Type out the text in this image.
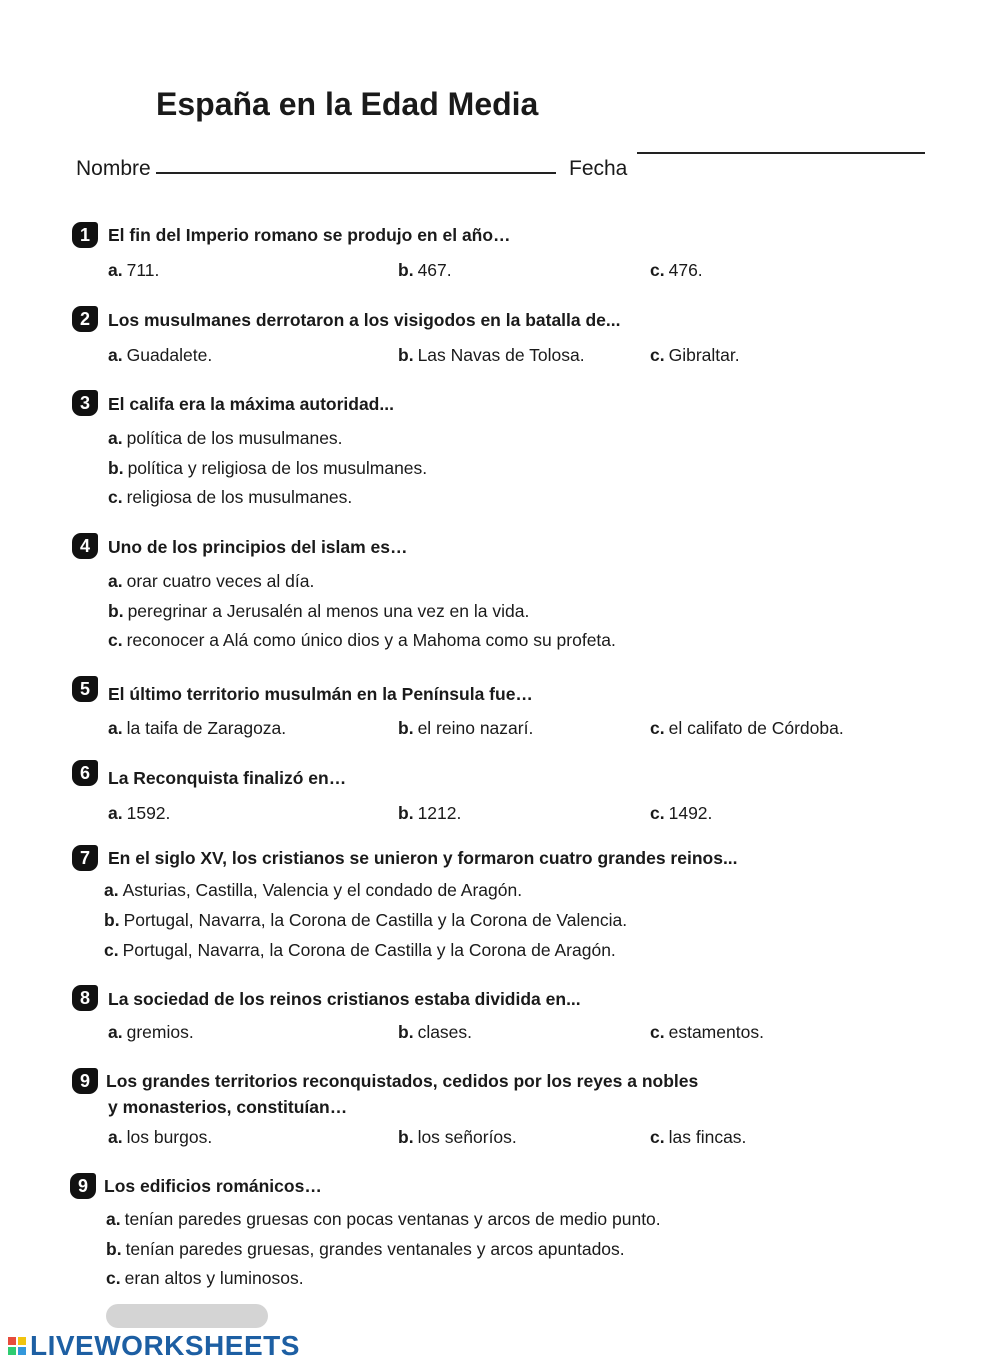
España en la Edad Media
Nombre	Fecha
1	El fin del Imperio romano se produjo en el año…
a. 711.	b. 467.	c. 476.
2	Los musulmanes derrotaron a los visigodos en la batalla de...
a. Guadalete.	b. Las Navas de Tolosa.	c. Gibraltar.
3	El califa era la máxima autoridad...
a. política de los musulmanes.
b. política y religiosa de los musulmanes.
c. religiosa de los musulmanes.
4	Uno de los principios del islam es…
a. orar cuatro veces al día.
b. peregrinar a Jerusalén al menos una vez en la vida.
c. reconocer a Alá como único dios y a Mahoma como su profeta.
5	El último territorio musulmán en la Península fue…
a. la taifa de Zaragoza.	b. el reino nazarí.	c. el califato de Córdoba.
6	La Reconquista finalizó en…
a. 1592.	b. 1212.	c. 1492.
7	En el siglo XV, los cristianos se unieron y formaron cuatro grandes reinos...
a. Asturias, Castilla, Valencia y el condado de Aragón.
b. Portugal, Navarra, la Corona de Castilla y la Corona de Valencia.
c. Portugal, Navarra, la Corona de Castilla y la Corona de Aragón.
8	La sociedad de los reinos cristianos estaba dividida en...
a. gremios.	b. clases.	c. estamentos.
9 Los grandes territorios reconquistados, cedidos por los reyes a nobles
y monasterios, constituían…
a. los burgos.	b. los señoríos.	c. las fincas.
9 Los edificios románicos…
a. tenían paredes gruesas con pocas ventanas y arcos de medio punto.
b. tenían paredes gruesas, grandes ventanales y arcos apuntados.
c. eran altos y luminosos.
LIVEWORKSHEETS
